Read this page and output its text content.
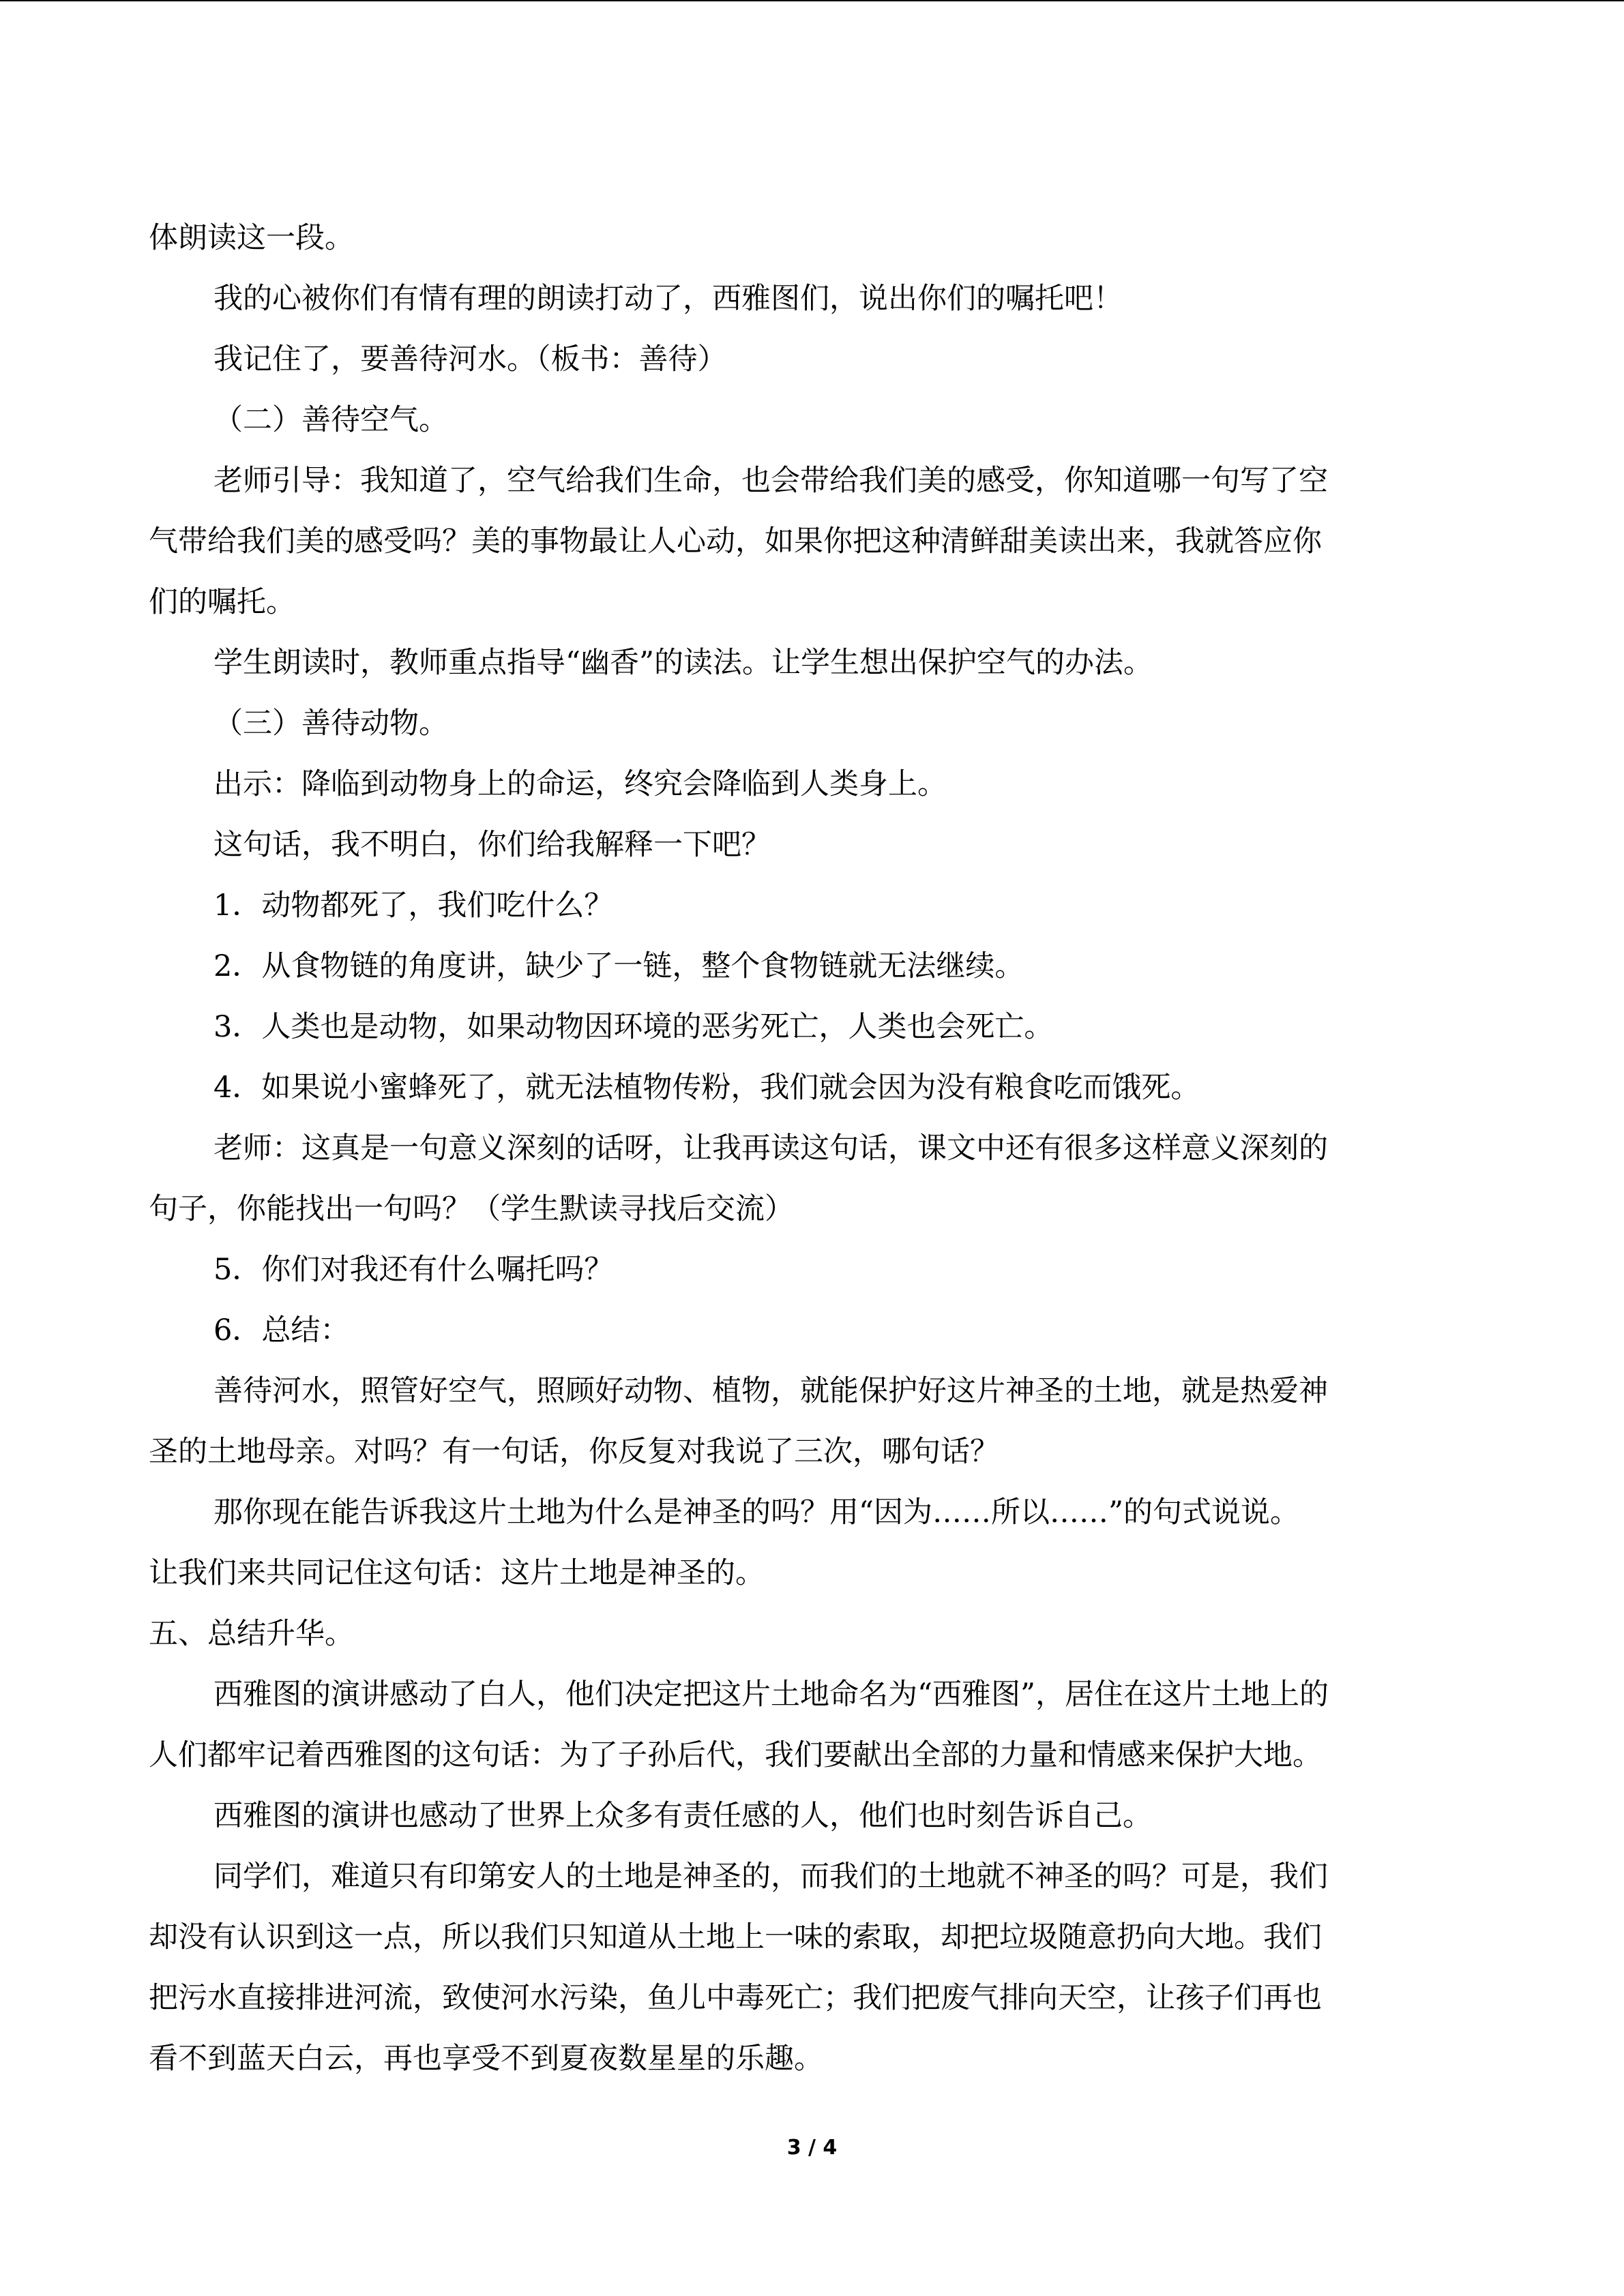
体朗读这一段。
我的心被你们有情有理的朗读打动了，西雅图们，说出你们的嘱托吧！
我记住了，要善待河水。（板书：善待）
（二）善待空气。
老师引导：我知道了，空气给我们生命，也会带给我们美的感受，你知道哪一句写了空
气带给我们美的感受吗？美的事物最让人心动，如果你把这种清鲜甜美读出来，我就答应你
们的嘱托。
学生朗读时，教师重点指导“幽香”的读法。让学生想出保护空气的办法。
（三）善待动物。
出示：降临到动物身上的命运，终究会降临到人类身上。
这句话，我不明白，你们给我解释一下吧？
1．动物都死了，我们吃什么？
2．从食物链的角度讲，缺少了一链，整个食物链就无法继续。
3．人类也是动物，如果动物因环境的恶劣死亡，人类也会死亡。
4．如果说小蜜蜂死了，就无法植物传粉，我们就会因为没有粮食吃而饿死。
老师：这真是一句意义深刻的话呀，让我再读这句话，课文中还有很多这样意义深刻的
句子，你能找出一句吗？（学生默读寻找后交流）
5．你们对我还有什么嘱托吗？
6．总结：
善待河水，照管好空气，照顾好动物、植物，就能保护好这片神圣的土地，就是热爱神
圣的土地母亲。对吗？有一句话，你反复对我说了三次，哪句话？
那你现在能告诉我这片土地为什么是神圣的吗？用“因为……所以……”的句式说说。
让我们来共同记住这句话：这片土地是神圣的。
五、总结升华。
西雅图的演讲感动了白人，他们决定把这片土地命名为“西雅图”，居住在这片土地上的
人们都牢记着西雅图的这句话：为了子孙后代，我们要献出全部的力量和情感来保护大地。
西雅图的演讲也感动了世界上众多有责任感的人，他们也时刻告诉自己。
同学们，难道只有印第安人的土地是神圣的，而我们的土地就不神圣的吗？可是，我们
却没有认识到这一点，所以我们只知道从土地上一味的索取，却把垃圾随意扔向大地。我们
把污水直接排进河流，致使河水污染，鱼儿中毒死亡；我们把废气排向天空，让孩子们再也
看不到蓝天白云，再也享受不到夏夜数星星的乐趣。
3 / 4
